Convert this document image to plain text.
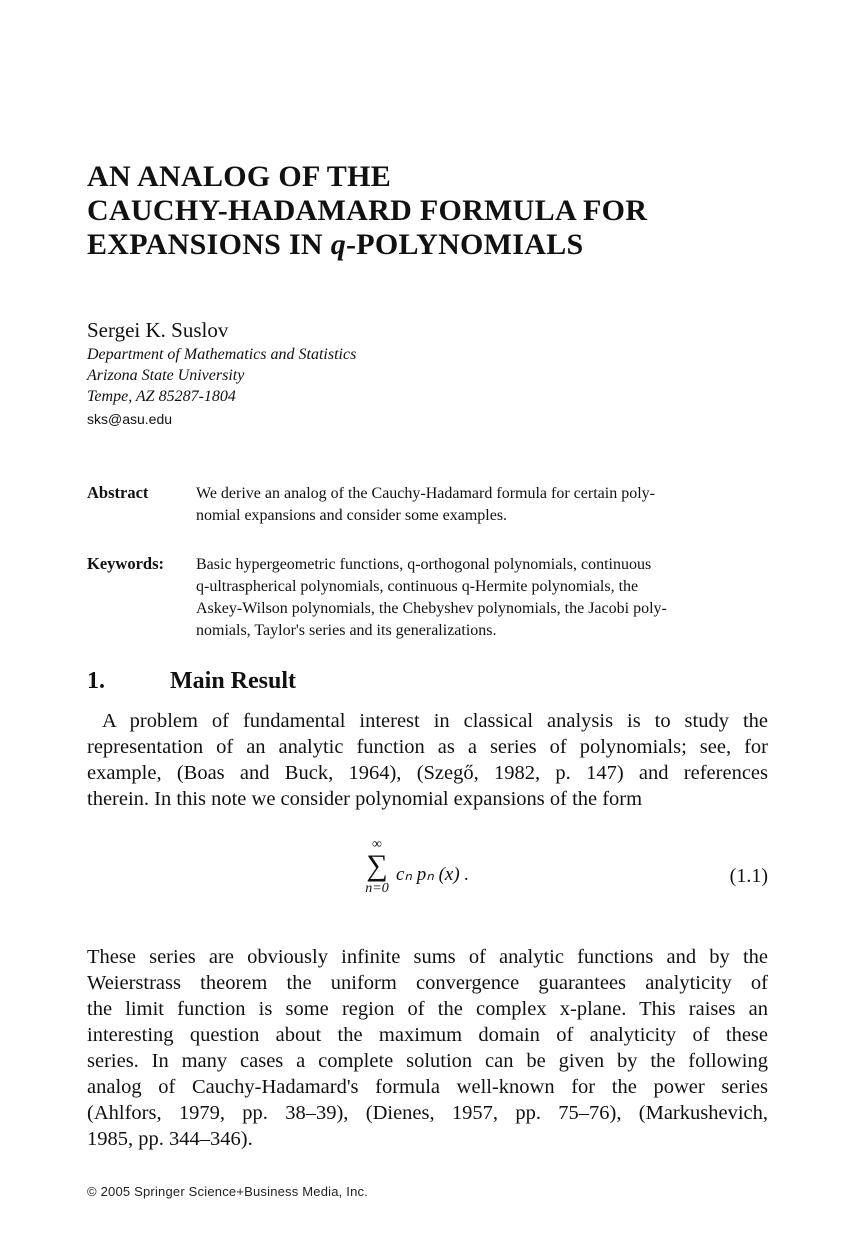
AN ANALOG OF THE
CAUCHY-HADAMARD FORMULA FOR
EXPANSIONS IN q-POLYNOMIALS
Sergei K. Suslov
Department of Mathematics and Statistics
Arizona State University
Tempe, AZ 85287-1804
sks@asu.edu
Abstract	We derive an analog of the Cauchy-Hadamard formula for certain poly-
nomial expansions and consider some examples.
Keywords: Basic hypergeometric functions, q-orthogonal polynomials, continuous
q-ultraspherical polynomials, continuous q-Hermite polynomials, the
Askey-Wilson polynomials, the Chebyshev polynomials, the Jacobi poly-
nomials, Taylor's series and its generalizations.
1.	Main Result
A problem of fundamental interest in classical analysis is to study the
representation of an analytic function as a series of polynomials; see, for
example, (Boas and Buck, 1964), (Szegő, 1982, p. 147) and references
therein. In this note we consider polynomial expansions of the form
∞
∑
n=0
cₙ pₙ (x) .	(1.1)
These series are obviously infinite sums of analytic functions and by the
Weierstrass theorem the uniform convergence guarantees analyticity of
the limit function is some region of the complex x-plane. This raises an
interesting question about the maximum domain of analyticity of these
series. In many cases a complete solution can be given by the following
analog of Cauchy-Hadamard's formula well-known for the power series
(Ahlfors, 1979, pp. 38–39), (Dienes, 1957, pp. 75–76), (Markushevich,
1985, pp. 344–346).
© 2005 Springer Science+Business Media, Inc.
